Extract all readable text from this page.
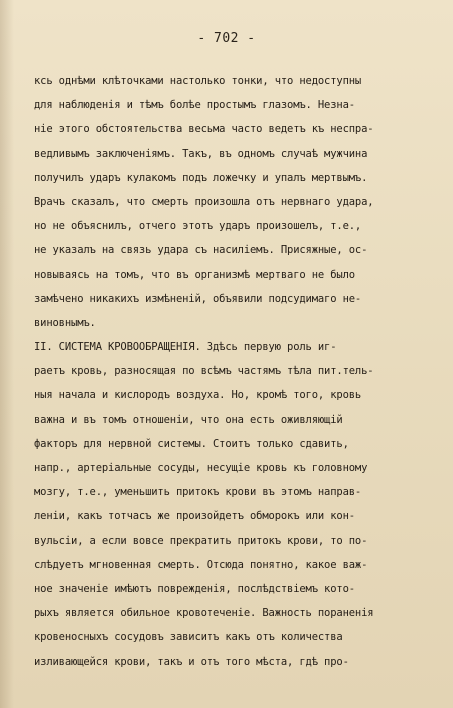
- 702 -
ксь однѣми клѣточками настолько тонки, что недоступны
для наблюденія и тѣмъ болѣе простымъ глазомъ. Незна-
ніе этого обстоятельства весьма часто ведетъ къ неспра-
ведливымъ заключеніямъ. Такъ, въ одномъ случаѣ мужчина
получилъ ударъ кулакомъ подъ ложечку и упалъ мертвымъ.
Врачъ сказалъ, что смерть произошла отъ нервнаго удара,
но не объяснилъ, отчего этотъ ударъ произошелъ, т.е.,
не указалъ на связь удара съ насиліемъ. Присяжные, ос-
новываясь на томъ, что въ организмѣ мертваго не было
замѣчено никакихъ измѣненій, объявили подсудимаго не-
виновнымъ.
II. СИСТЕМА КРОВООБРАЩЕНІЯ. Здѣсь первую роль иг-
раетъ кровь, разносящая по всѣмъ частямъ тѣла пит.тель-
ныя начала и кислородъ воздуха. Но, кромѣ того, кровь
важна и въ томъ отношеніи, что она есть оживляющій
факторъ для нервной системы. Стоитъ только сдавить,
напр., артеріальные сосуды, несущіе кровь къ головному
мозгу, т.е., уменьшить притокъ крови въ этомъ направ-
леніи, какъ тотчасъ же произойдетъ обморокъ или кон-
вульсіи, а если вовсе прекратить притокъ крови, то по-
слѣдуетъ мгновенная смерть. Отсюда понятно, какое важ-
ное значеніе имѣютъ поврежденія, послѣдствіемъ кото-
рыхъ является обильное кровотеченіе. Важность пораненія
кровеносныхъ сосудовъ зависитъ какъ отъ количества
изливающейся крови, такъ и отъ того мѣста, гдѣ про-
